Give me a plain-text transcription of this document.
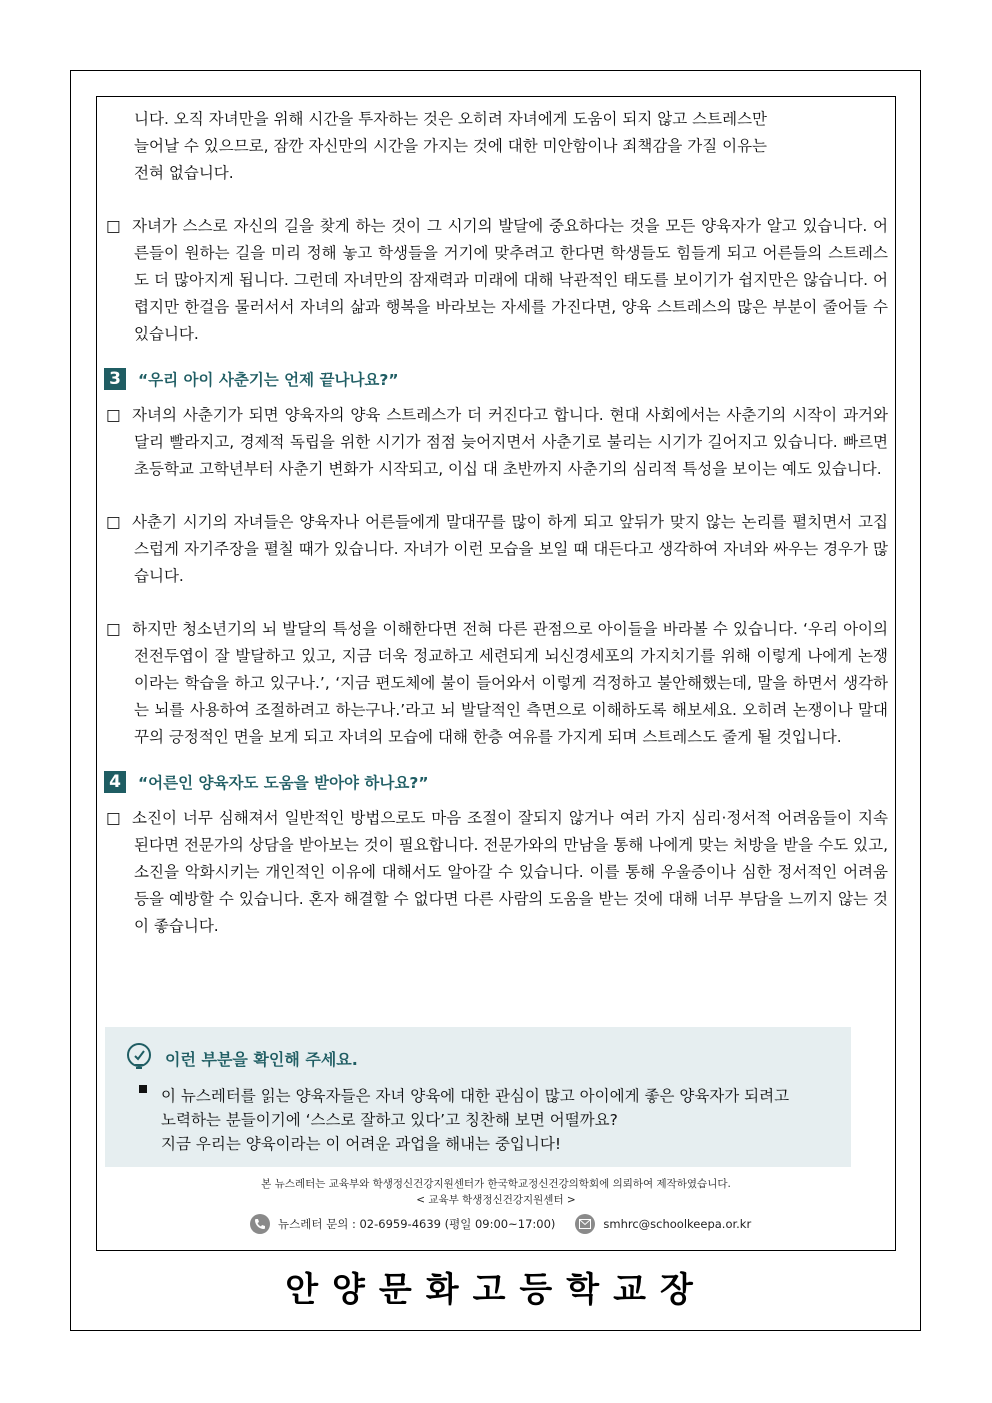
니다. 오직 자녀만을 위해 시간을 투자하는 것은 오히려 자녀에게 도움이 되지 않고 스트레스만

늘어날 수 있으므로, 잠깐 자신만의 시간을 가지는 것에 대한 미안함이나 죄책감을 가질 이유는

전혀 없습니다.

□ 자녀가 스스로 자신의 길을 찾게 하는 것이 그 시기의 발달에 중요하다는 것을 모든 양육자가 알고 있습니다. 어른들이 원하는 길을 미리 정해 놓고 학생들을 거기에 맞추려고 한다면 학생들도 힘들게 되고 어른들의 스트레스도 더 많아지게 됩니다. 그런데 자녀만의 잠재력과 미래에 대해 낙관적인 태도를 보이기가 쉽지만은 않습니다. 어렵지만 한걸음 물러서서 자녀의 삶과 행복을 바라보는 자세를 가진다면, 양육 스트레스의 많은 부분이 줄어들 수 있습니다.

3	“우리 아이 사춘기는 언제 끝나나요?”

□ 자녀의 사춘기가 되면 양육자의 양육 스트레스가 더 커진다고 합니다. 현대 사회에서는 사춘기의 시작이 과거와 달리 빨라지고, 경제적 독립을 위한 시기가 점점 늦어지면서 사춘기로 불리는 시기가 길어지고 있습니다. 빠르면 초등학교 고학년부터 사춘기 변화가 시작되고, 이십 대 초반까지 사춘기의 심리적 특성을 보이는 예도 있습니다.

□ 사춘기 시기의 자녀들은 양육자나 어른들에게 말대꾸를 많이 하게 되고 앞뒤가 맞지 않는 논리를 펼치면서 고집스럽게 자기주장을 펼칠 때가 있습니다. 자녀가 이런 모습을 보일 때 대든다고 생각하여 자녀와 싸우는 경우가 많습니다.

□ 하지만 청소년기의 뇌 발달의 특성을 이해한다면 전혀 다른 관점으로 아이들을 바라볼 수 있습니다. ‘우리 아이의 전전두엽이 잘 발달하고 있고, 지금 더욱 정교하고 세련되게 뇌신경세포의 가지치기를 위해 이렇게 나에게 논쟁이라는 학습을 하고 있구나.’, ‘지금 편도체에 불이 들어와서 이렇게 걱정하고 불안해했는데, 말을 하면서 생각하는 뇌를 사용하여 조절하려고 하는구나.’라고 뇌 발달적인 측면으로 이해하도록 해보세요. 오히려 논쟁이나 말대꾸의 긍정적인 면을 보게 되고 자녀의 모습에 대해 한층 여유를 가지게 되며 스트레스도 줄게 될 것입니다.

4	“어른인 양육자도 도움을 받아야 하나요?”

□ 소진이 너무 심해져서 일반적인 방법으로도 마음 조절이 잘되지 않거나 여러 가지 심리·정서적 어려움들이 지속된다면 전문가의 상담을 받아보는 것이 필요합니다. 전문가와의 만남을 통해 나에게 맞는 처방을 받을 수도 있고, 소진을 악화시키는 개인적인 이유에 대해서도 알아갈 수 있습니다. 이를 통해 우울증이나 심한 정서적인 어려움 등을 예방할 수 있습니다. 혼자 해결할 수 없다면 다른 사람의 도움을 받는 것에 대해 너무 부담을 느끼지 않는 것이 좋습니다.

이런 부분을 확인해 주세요.
이 뉴스레터를 읽는 양육자들은 자녀 양육에 대한 관심이 많고 아이에게 좋은 양육자가 되려고
노력하는 분들이기에 ‘스스로 잘하고 있다’고 칭찬해 보면 어떨까요?
지금 우리는 양육이라는 이 어려운 과업을 해내는 중입니다!
본 뉴스레터는 교육부와 학생정신건강지원센터가 한국학교정신건강의학회에 의뢰하여 제작하였습니다.
< 교육부 학생정신건강지원센터 >
뉴스레터 문의 : 02-6959-4639 (평일 09:00~17:00)	smhrc@schoolkeepa.or.kr
안양문화고등학교장
